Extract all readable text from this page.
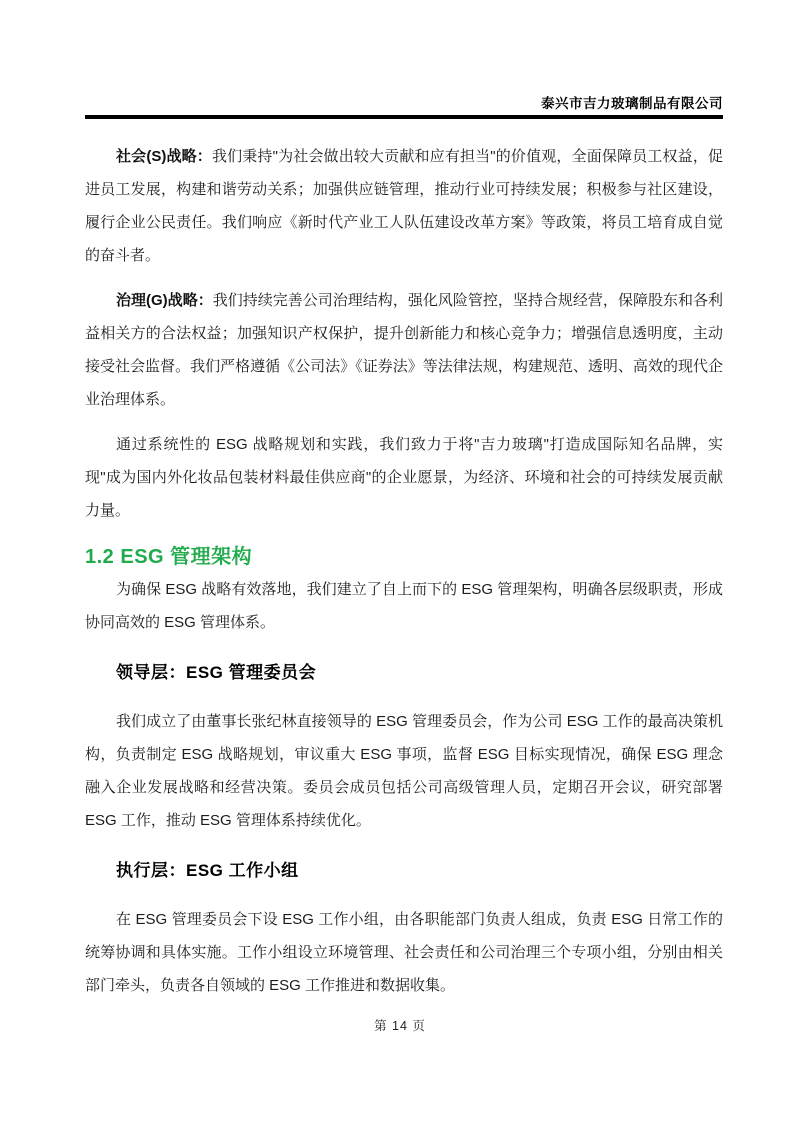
泰兴市吉力玻璃制品有限公司

社会(S)战略：我们秉持"为社会做出较大贡献和应有担当"的价值观，全面保障员工权益，促进员工发展，构建和谐劳动关系；加强供应链管理，推动行业可持续发展；积极参与社区建设，履行企业公民责任。我们响应《新时代产业工人队伍建设改革方案》等政策，将员工培育成自觉的奋斗者。

治理(G)战略：我们持续完善公司治理结构，强化风险管控，坚持合规经营，保障股东和各利益相关方的合法权益；加强知识产权保护，提升创新能力和核心竞争力；增强信息透明度，主动接受社会监督。我们严格遵循《公司法》《证券法》等法律法规，构建规范、透明、高效的现代企业治理体系。

通过系统性的 ESG 战略规划和实践，我们致力于将"吉力玻璃"打造成国际知名品牌，实现"成为国内外化妆品包装材料最佳供应商"的企业愿景，为经济、环境和社会的可持续发展贡献力量。

1.2 ESG 管理架构

为确保 ESG 战略有效落地，我们建立了自上而下的 ESG 管理架构，明确各层级职责，形成协同高效的 ESG 管理体系。

领导层：ESG 管理委员会

我们成立了由董事长张纪林直接领导的 ESG 管理委员会，作为公司 ESG 工作的最高决策机构，负责制定 ESG 战略规划，审议重大 ESG 事项，监督 ESG 目标实现情况，确保 ESG 理念融入企业发展战略和经营决策。委员会成员包括公司高级管理人员，定期召开会议，研究部署 ESG 工作，推动 ESG 管理体系持续优化。

执行层：ESG 工作小组

在 ESG 管理委员会下设 ESG 工作小组，由各职能部门负责人组成，负责 ESG 日常工作的统筹协调和具体实施。工作小组设立环境管理、社会责任和公司治理三个专项小组，分别由相关部门牵头，负责各自领域的 ESG 工作推进和数据收集。

第 14 页
